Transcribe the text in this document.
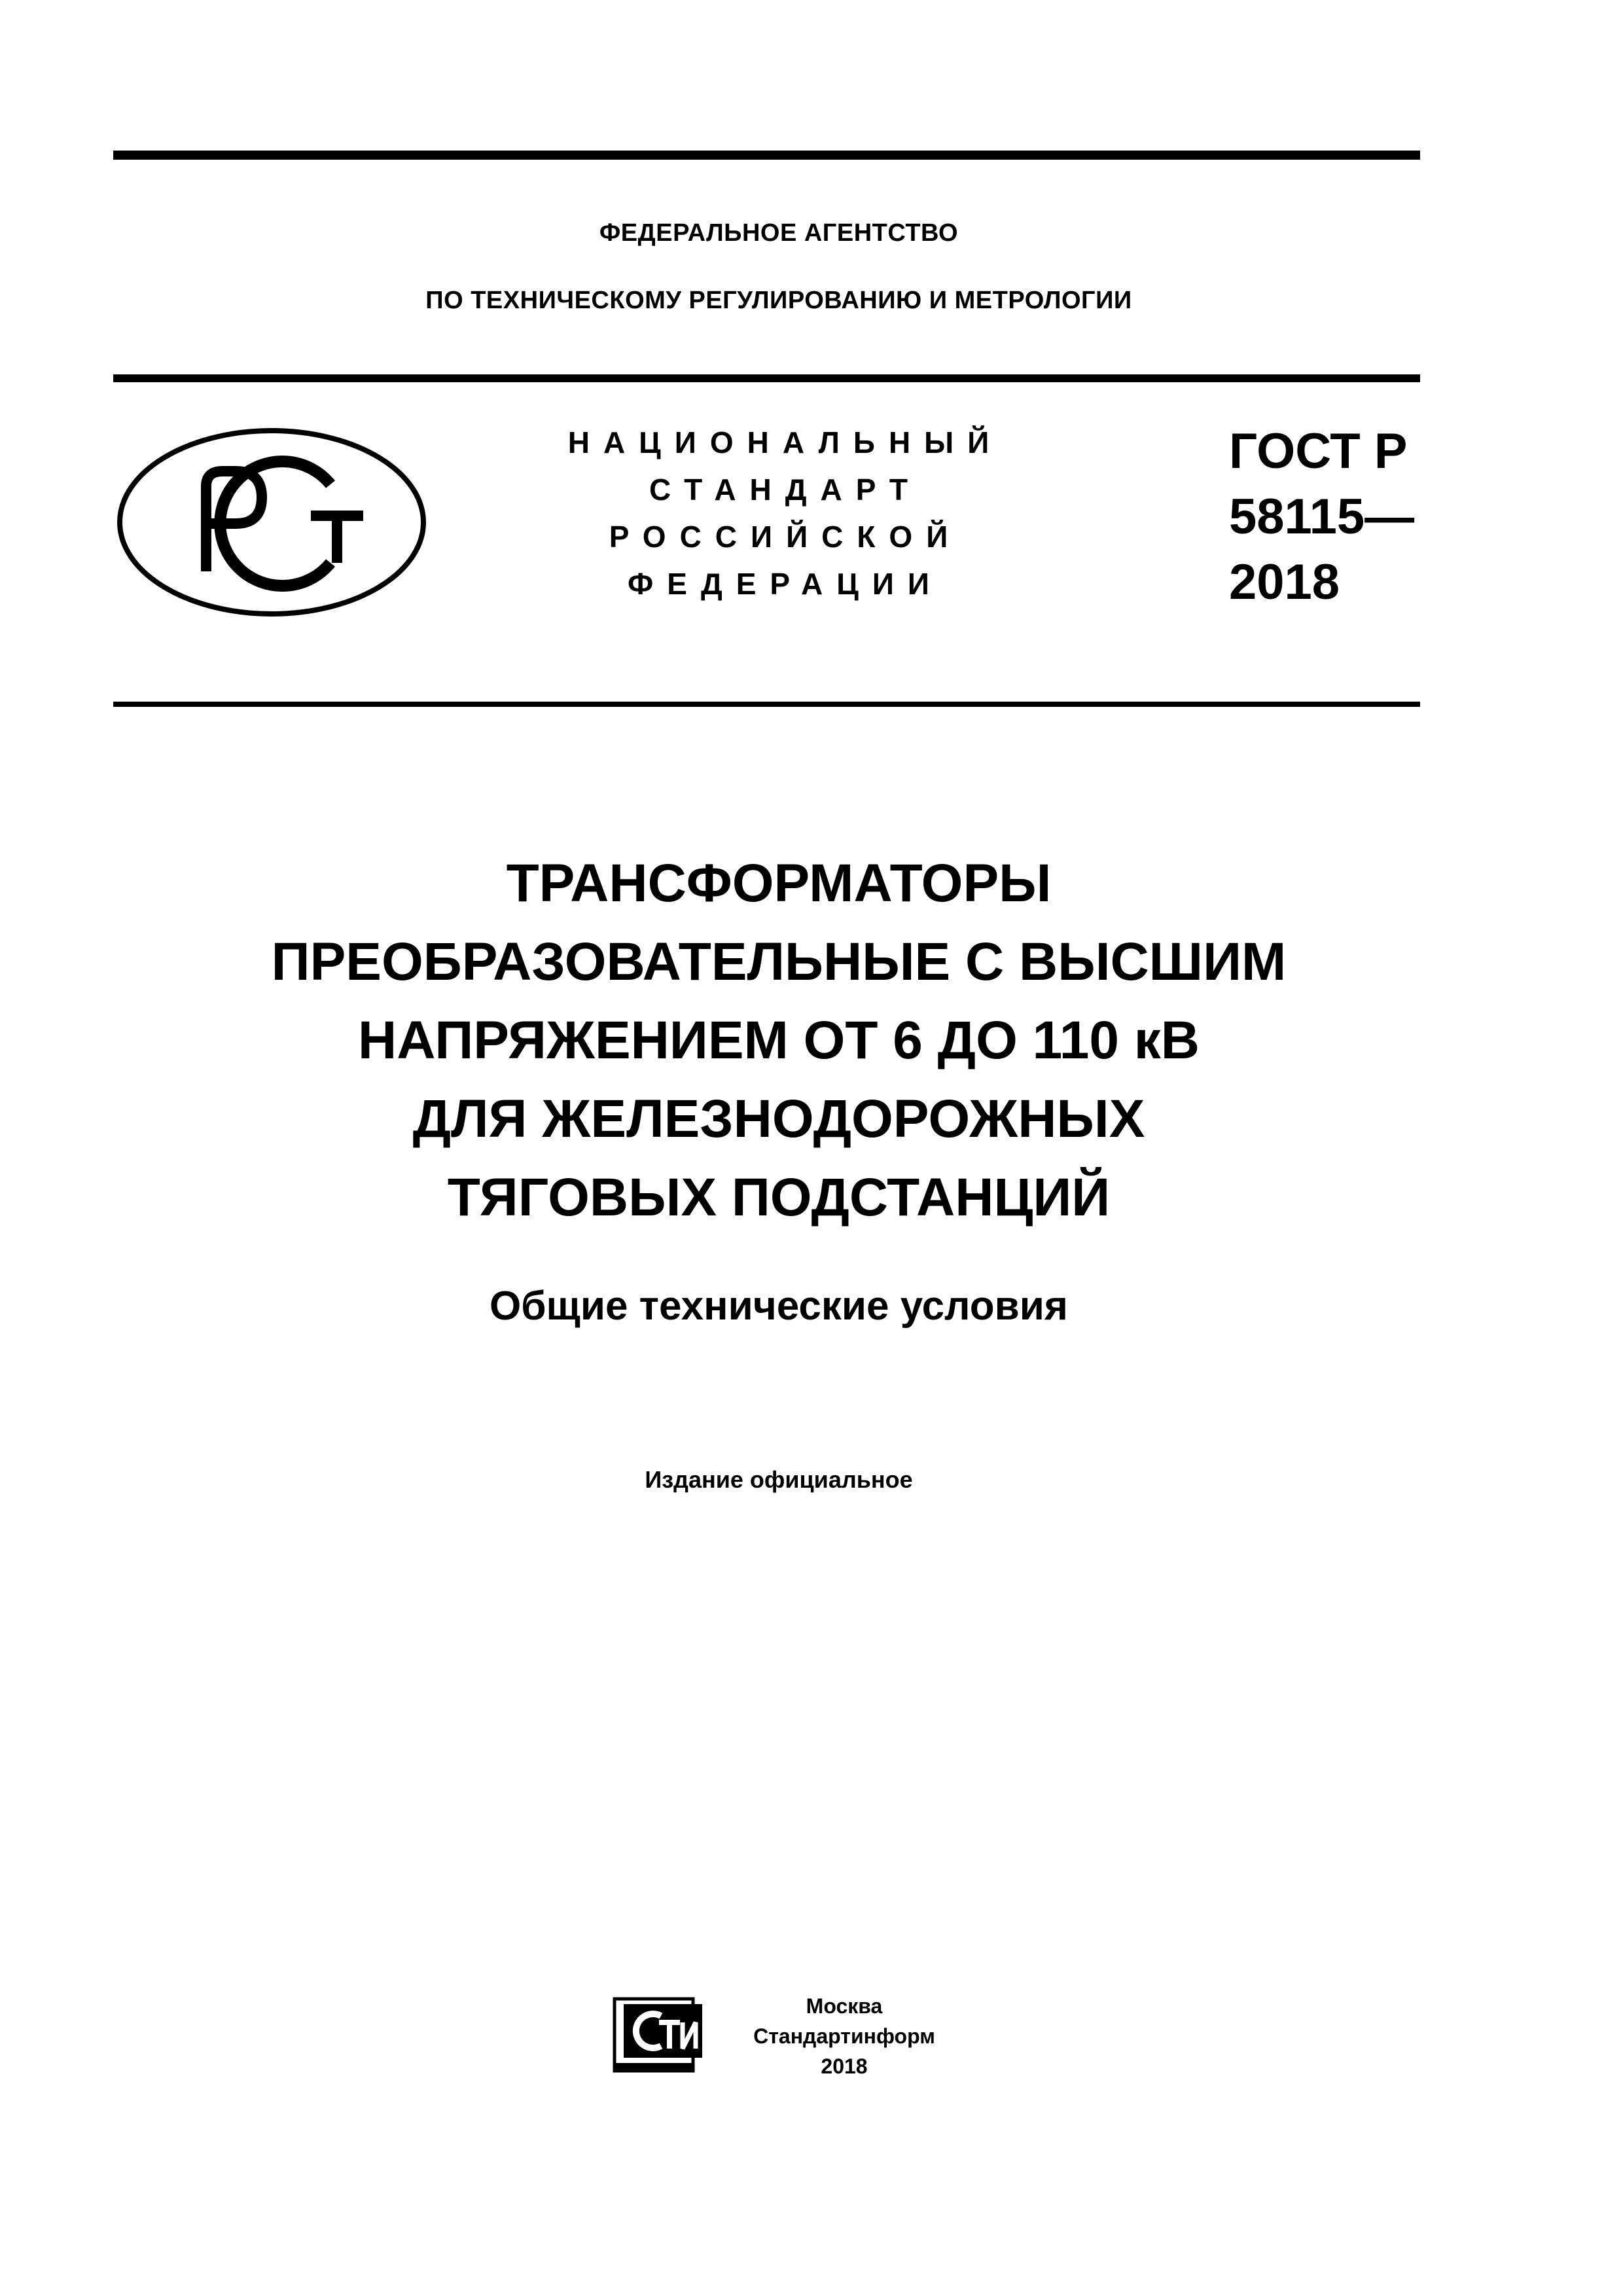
ФЕДЕРАЛЬНОЕ АГЕНТСТВО
ПО ТЕХНИЧЕСКОМУ РЕГУЛИРОВАНИЮ И МЕТРОЛОГИИ
НАЦИОНАЛЬНЫЙ
СТАНДАРТ
РОССИЙСКОЙ
ФЕДЕРАЦИИ
ГОСТ Р
58115—
2018
ТРАНСФОРМАТОРЫ
ПРЕОБРАЗОВАТЕЛЬНЫЕ С ВЫСШИМ
НАПРЯЖЕНИЕМ ОТ 6 ДО 110 кВ
ДЛЯ ЖЕЛЕЗНОДОРОЖНЫХ
ТЯГОВЫХ ПОДСТАНЦИЙ
Общие технические условия
Издание официальное
Москва
Стандартинформ
2018
